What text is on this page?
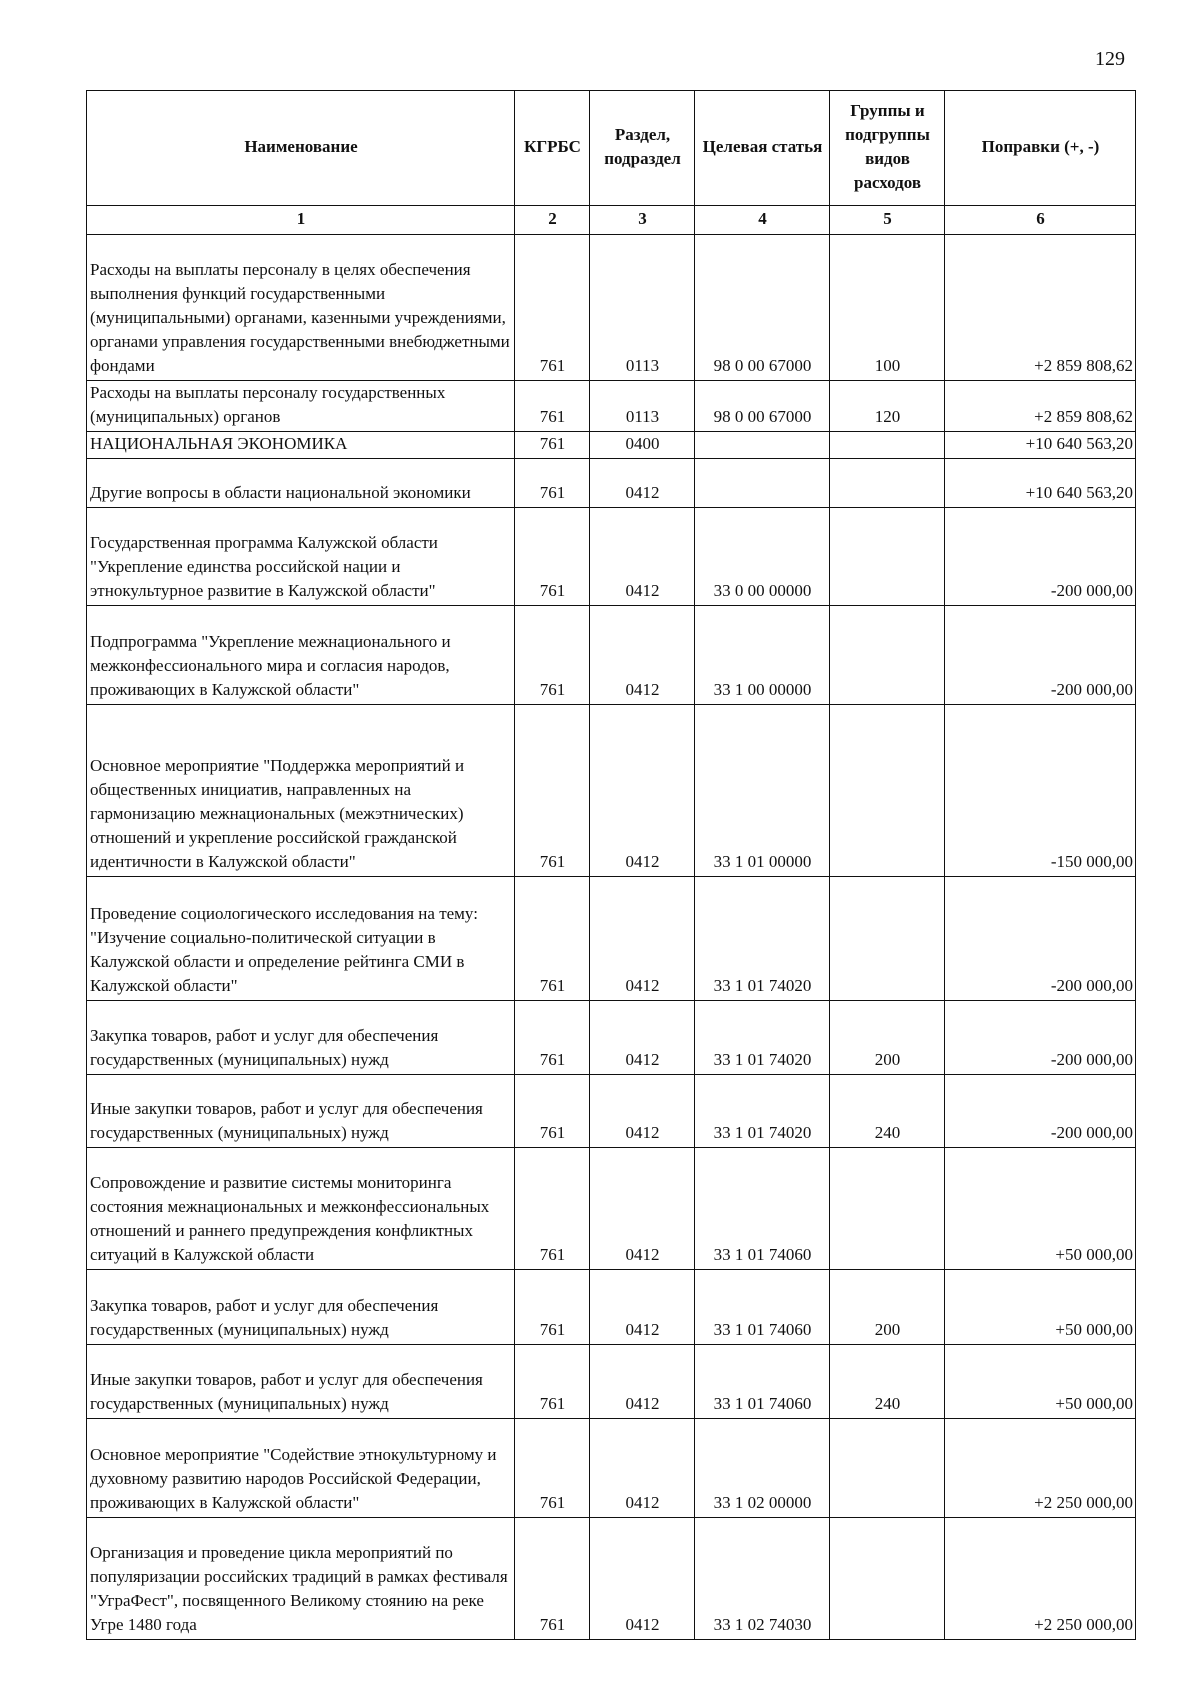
129
Наименование	КГРБС	Раздел, подраздел	Целевая статья	Группы и подгруппы видов расходов	Поправки (+, -)
1	2	3	4	5	6
Расходы на выплаты персоналу в целях обеспечения выполнения функций государственными (муниципальными) органами, казенными учреждениями, органами управления государственными внебюджетными фондами	761	0113	98 0 00 67000	100	+2 859 808,62
Расходы на выплаты персоналу государственных (муниципальных) органов	761	0113	98 0 00 67000	120	+2 859 808,62
НАЦИОНАЛЬНАЯ ЭКОНОМИКА	761	0400			+10 640 563,20
Другие вопросы в области национальной экономики	761	0412			+10 640 563,20
Государственная программа Калужской области "Укрепление единства российской нации и этнокультурное развитие в Калужской области"	761	0412	33 0 00 00000		-200 000,00
Подпрограмма "Укрепление межнационального и межконфессионального мира и согласия народов, проживающих в Калужской области"	761	0412	33 1 00 00000		-200 000,00
Основное мероприятие "Поддержка мероприятий и общественных инициатив, направленных на гармонизацию межнациональных (межэтнических) отношений и укрепление российской гражданской идентичности в Калужской области"	761	0412	33 1 01 00000		-150 000,00
Проведение социологического исследования на тему: "Изучение социально-политической ситуации в Калужской области и определение рейтинга СМИ в Калужской области"	761	0412	33 1 01 74020		-200 000,00
Закупка товаров, работ и услуг для обеспечения государственных (муниципальных) нужд	761	0412	33 1 01 74020	200	-200 000,00
Иные закупки товаров, работ и услуг для обеспечения государственных (муниципальных) нужд	761	0412	33 1 01 74020	240	-200 000,00
Сопровождение и развитие системы мониторинга состояния межнациональных и межконфессиональных отношений и раннего предупреждения конфликтных ситуаций в Калужской области	761	0412	33 1 01 74060		+50 000,00
Закупка товаров, работ и услуг для обеспечения государственных (муниципальных) нужд	761	0412	33 1 01 74060	200	+50 000,00
Иные закупки товаров, работ и услуг для обеспечения государственных (муниципальных) нужд	761	0412	33 1 01 74060	240	+50 000,00
Основное мероприятие "Содействие этнокультурному и духовному развитию народов Российской Федерации, проживающих в Калужской области"	761	0412	33 1 02 00000		+2 250 000,00
Организация и проведение цикла мероприятий по популяризации российских традиций в рамках фестиваля "УграФест", посвященного Великому стоянию на реке Угре 1480 года	761	0412	33 1 02 74030		+2 250 000,00
